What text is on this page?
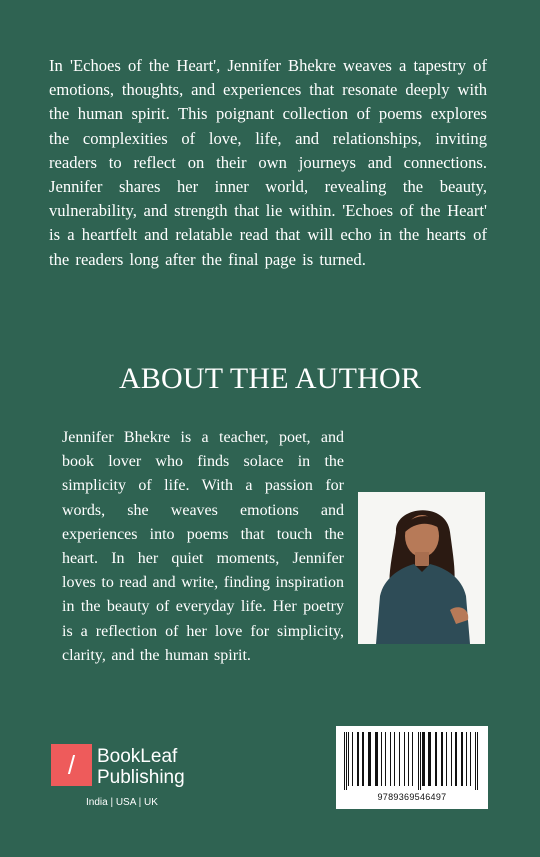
In 'Echoes of the Heart', Jennifer Bhekre weaves a tapestry of emotions, thoughts, and experiences that resonate deeply with the human spirit. This poignant collection of poems explores the complexities of love, life, and relationships, inviting readers to reflect on their own journeys and connections. Jennifer shares her inner world, revealing the beauty, vulnerability, and strength that lie within. 'Echoes of the Heart' is a heartfelt and relatable read that will echo in the hearts of the readers long after the final page is turned.

ABOUT THE AUTHOR

Jennifer Bhekre is a teacher, poet, and book lover who finds solace in the simplicity of life. With a passion for words, she weaves emotions and experiences into poems that touch the heart. In her quiet moments, Jennifer loves to read and write, finding inspiration in the beauty of everyday life. Her poetry is a reflection of her love for simplicity, clarity, and the human spirit.

/ BookLeaf
Publishing
India | USA | UK	9789369546497
